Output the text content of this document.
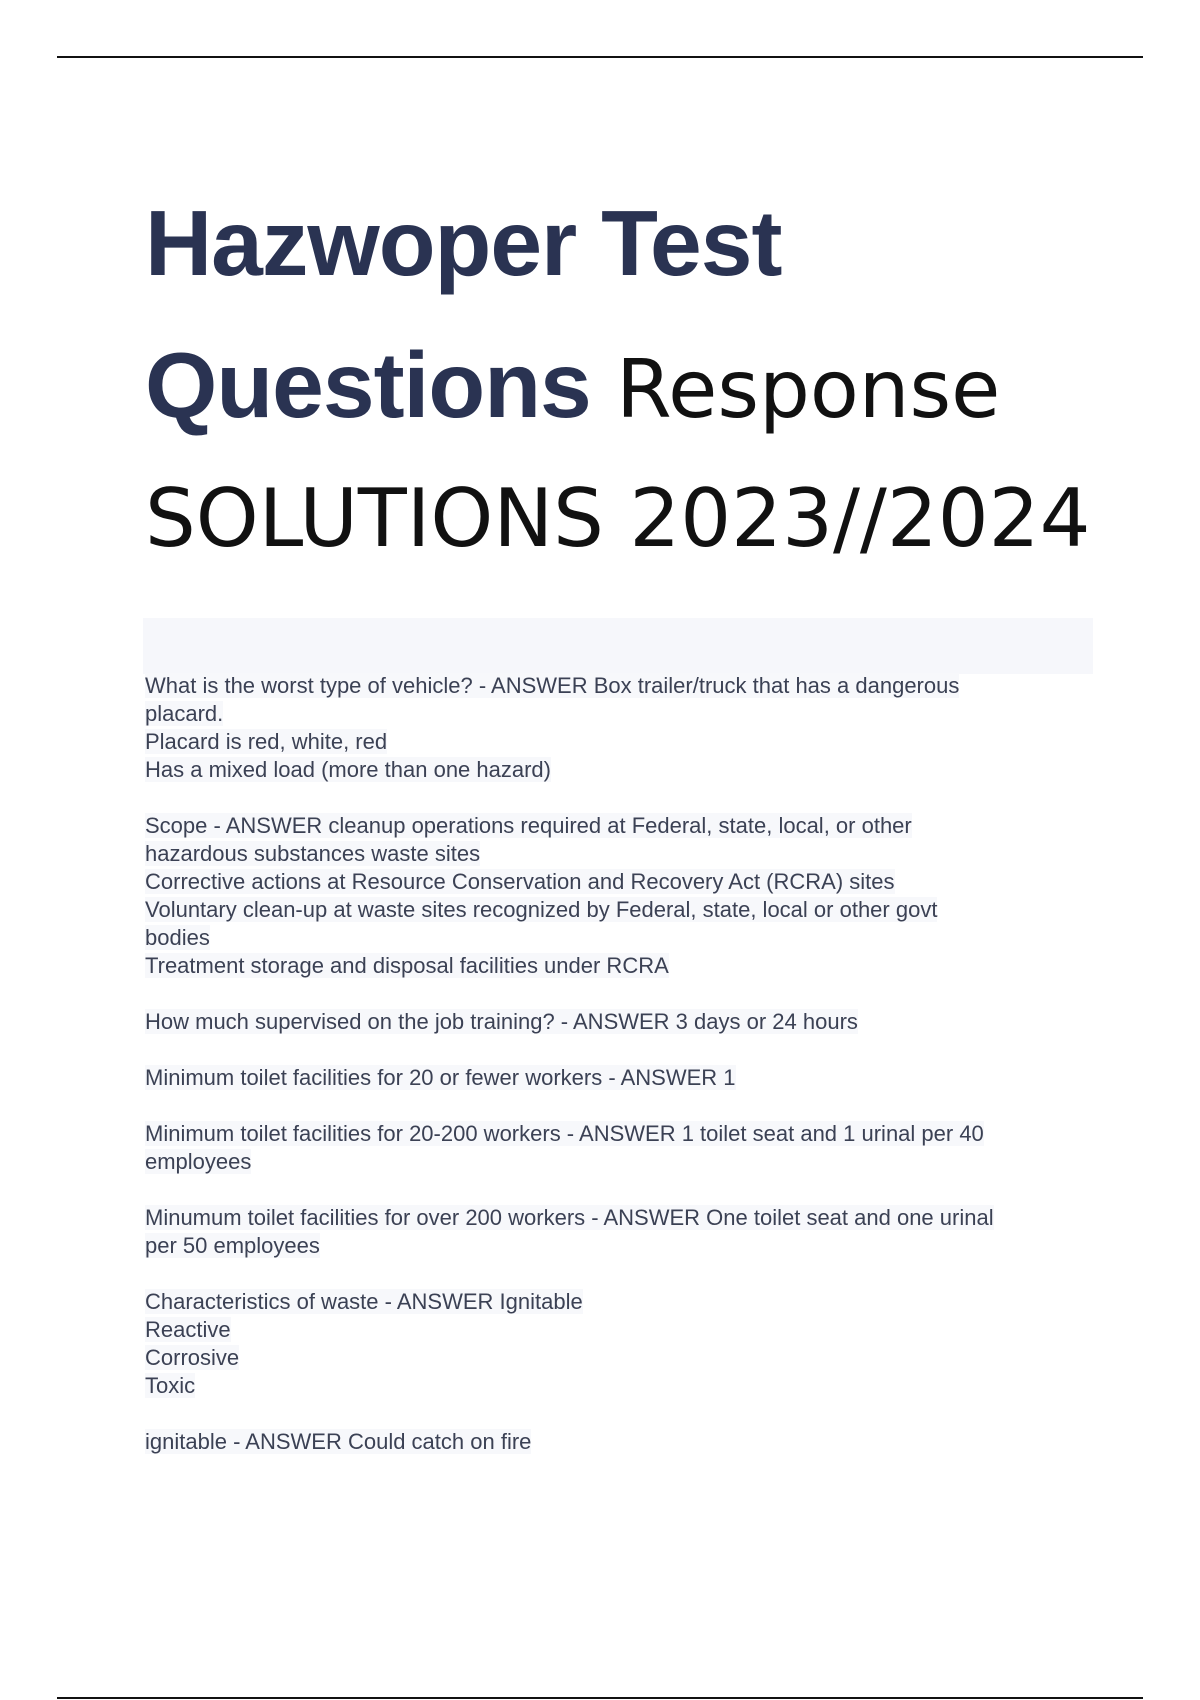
Hazwoper Test
Questions Response
SOLUTIONS 2023//2024
What is the worst type of vehicle? - ANSWER Box trailer/truck that has a dangerous
placard.
Placard is red, white, red
Has a mixed load (more than one hazard)
Scope - ANSWER cleanup operations required at Federal, state, local, or other
hazardous substances waste sites
Corrective actions at Resource Conservation and Recovery Act (RCRA) sites
Voluntary clean-up at waste sites recognized by Federal, state, local or other govt
bodies
Treatment storage and disposal facilities under RCRA
How much supervised on the job training? - ANSWER 3 days or 24 hours
Minimum toilet facilities for 20 or fewer workers - ANSWER 1
Minimum toilet facilities for 20-200 workers - ANSWER 1 toilet seat and 1 urinal per 40
employees
Minumum toilet facilities for over 200 workers - ANSWER One toilet seat and one urinal
per 50 employees
Characteristics of waste - ANSWER Ignitable
Reactive
Corrosive
Toxic
ignitable - ANSWER Could catch on fire
